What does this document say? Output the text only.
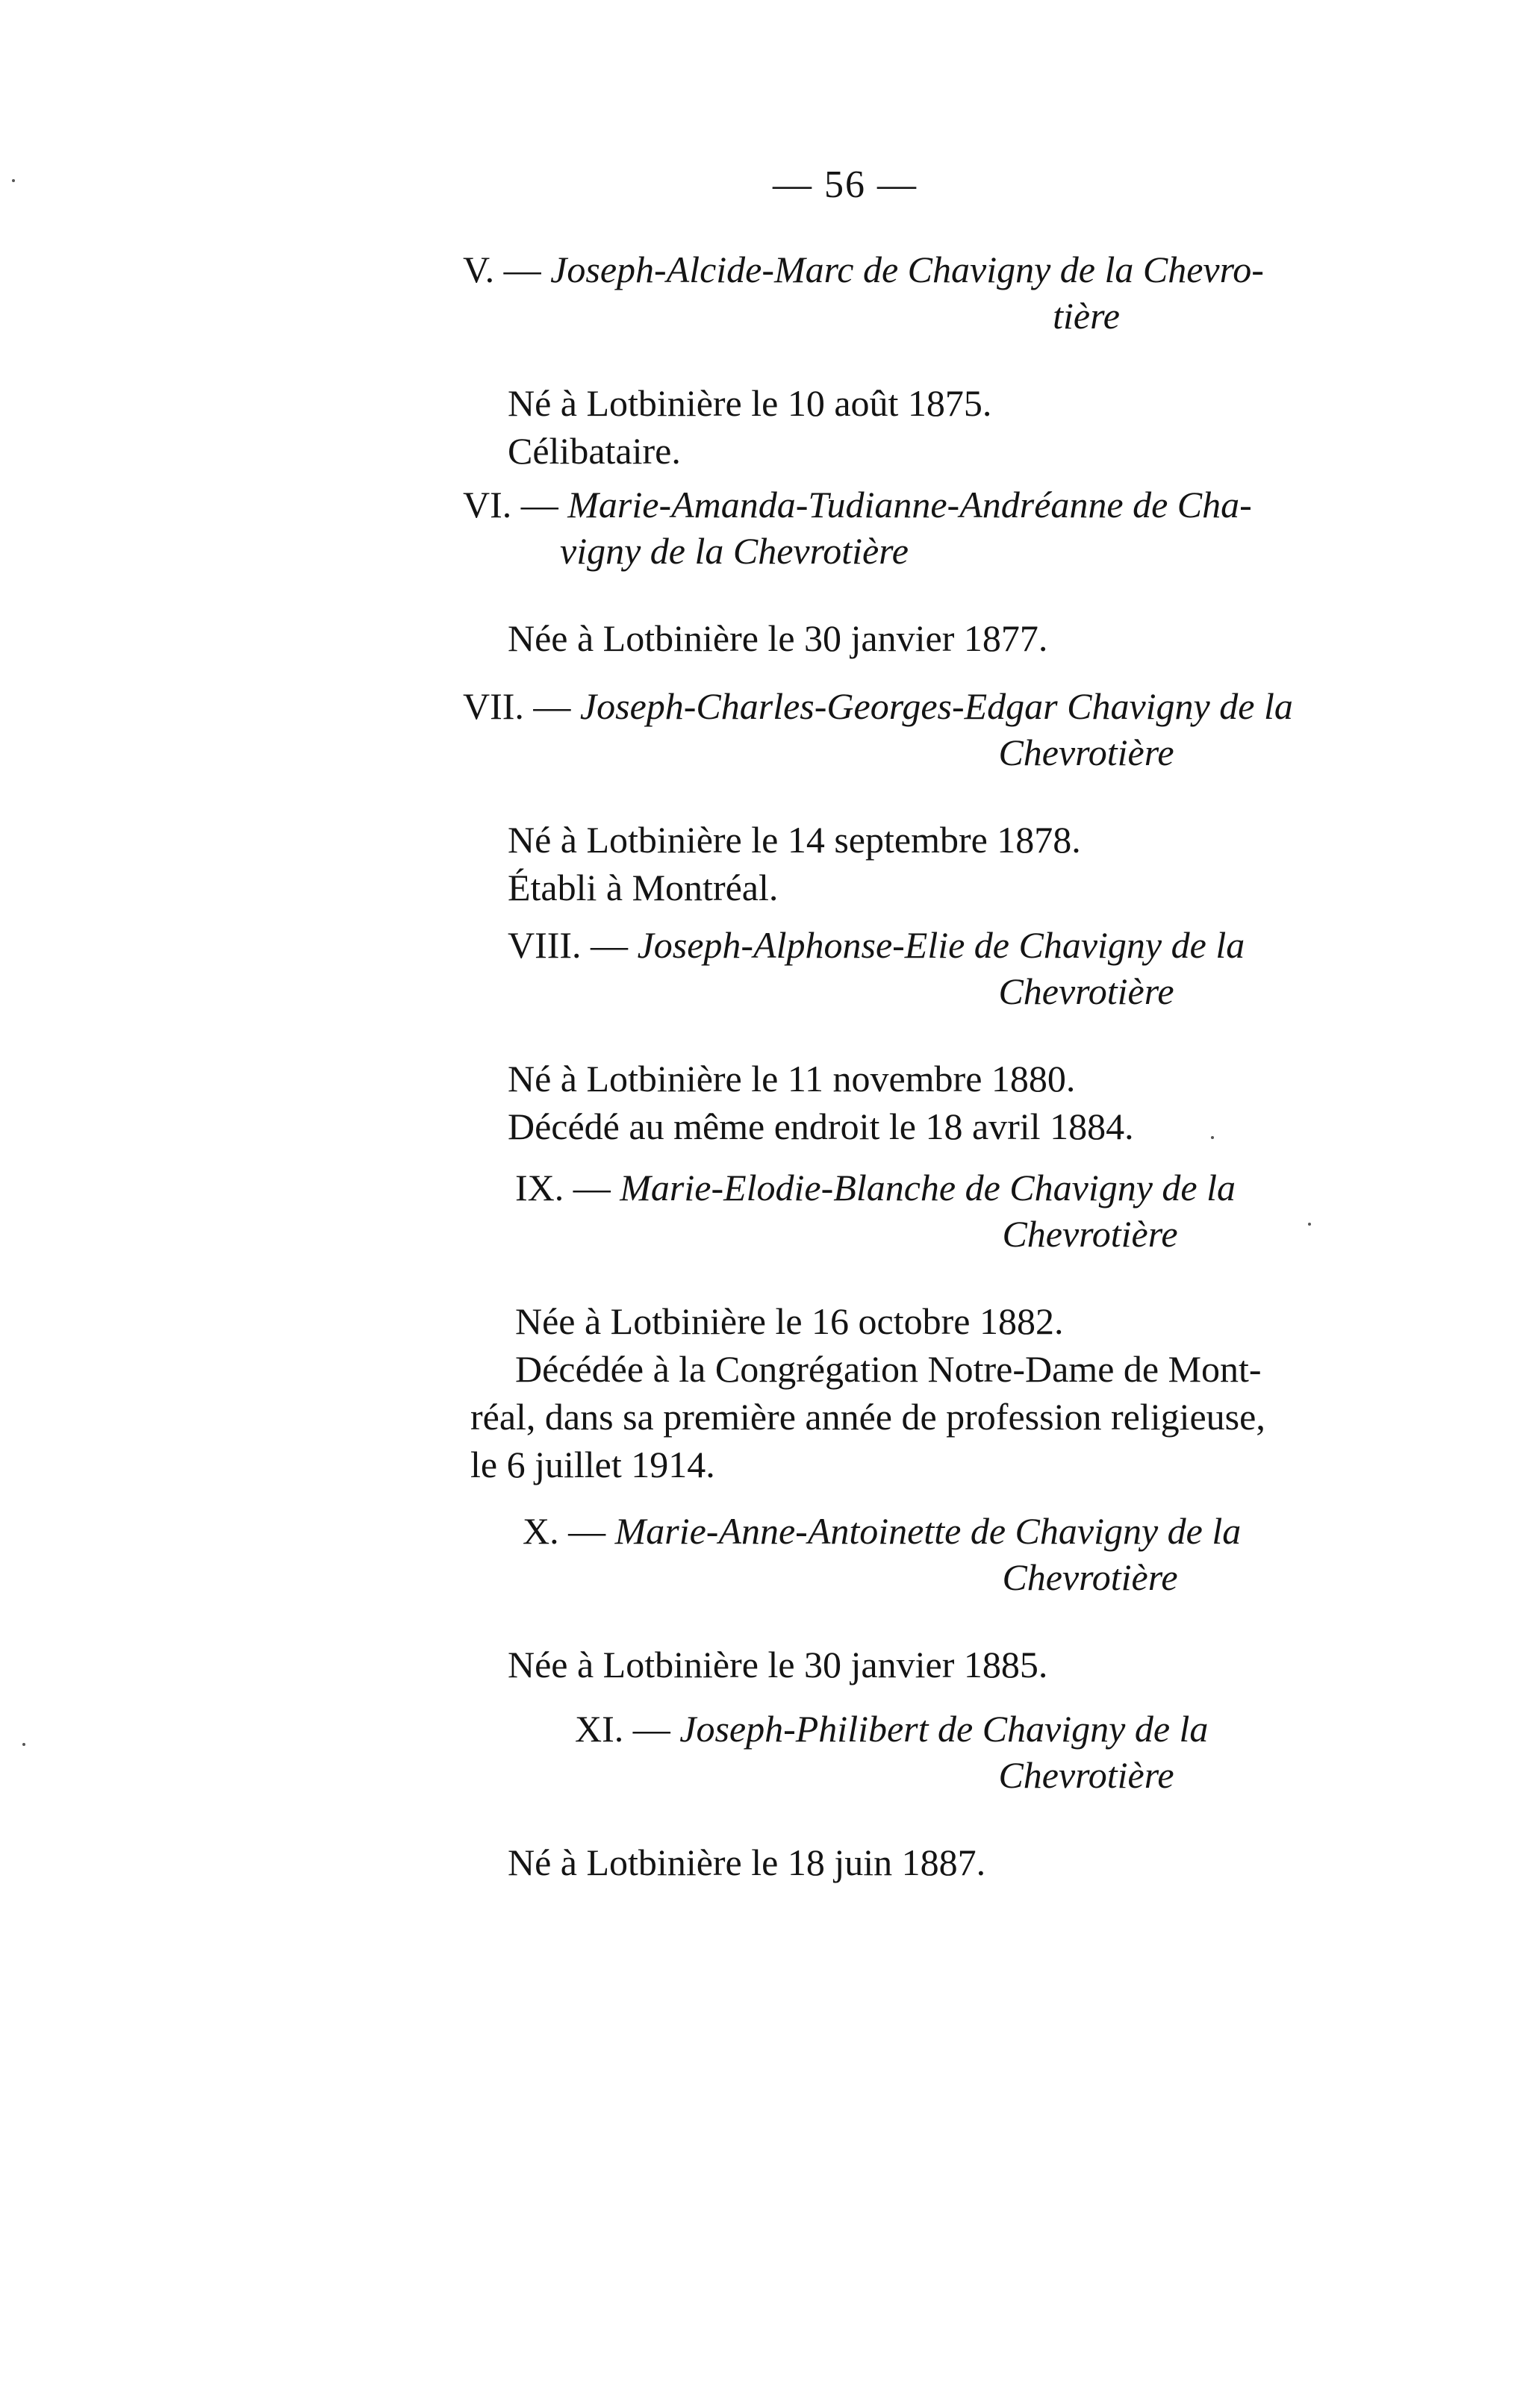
— 56 —
V. — Joseph-Alcide-Marc de Chavigny de la Chevro-
tière

Né à Lotbinière le 10 août 1875.

Célibataire.

VI. — Marie-Amanda-Tudianne-Andréanne de Cha-
vigny de la Chevrotière

Née à Lotbinière le 30 janvier 1877.

VII. — Joseph-Charles-Georges-Edgar Chavigny de la
Chevrotière

Né à Lotbinière le 14 septembre 1878.

Établi à Montréal.

VIII. — Joseph-Alphonse-Elie de Chavigny de la
Chevrotière

Né à Lotbinière le 11 novembre 1880.

Décédé au même endroit le 18 avril 1884.

IX. — Marie-Elodie-Blanche de Chavigny de la
Chevrotière

Née à Lotbinière le 16 octobre 1882.

Décédée à la Congrégation Notre-Dame de Mont-

réal, dans sa première année de profession religieuse,

le 6 juillet 1914.

X. — Marie-Anne-Antoinette de Chavigny de la
Chevrotière

Née à Lotbinière le 30 janvier 1885.

XI. — Joseph-Philibert de Chavigny de la
Chevrotière

Né à Lotbinière le 18 juin 1887.
